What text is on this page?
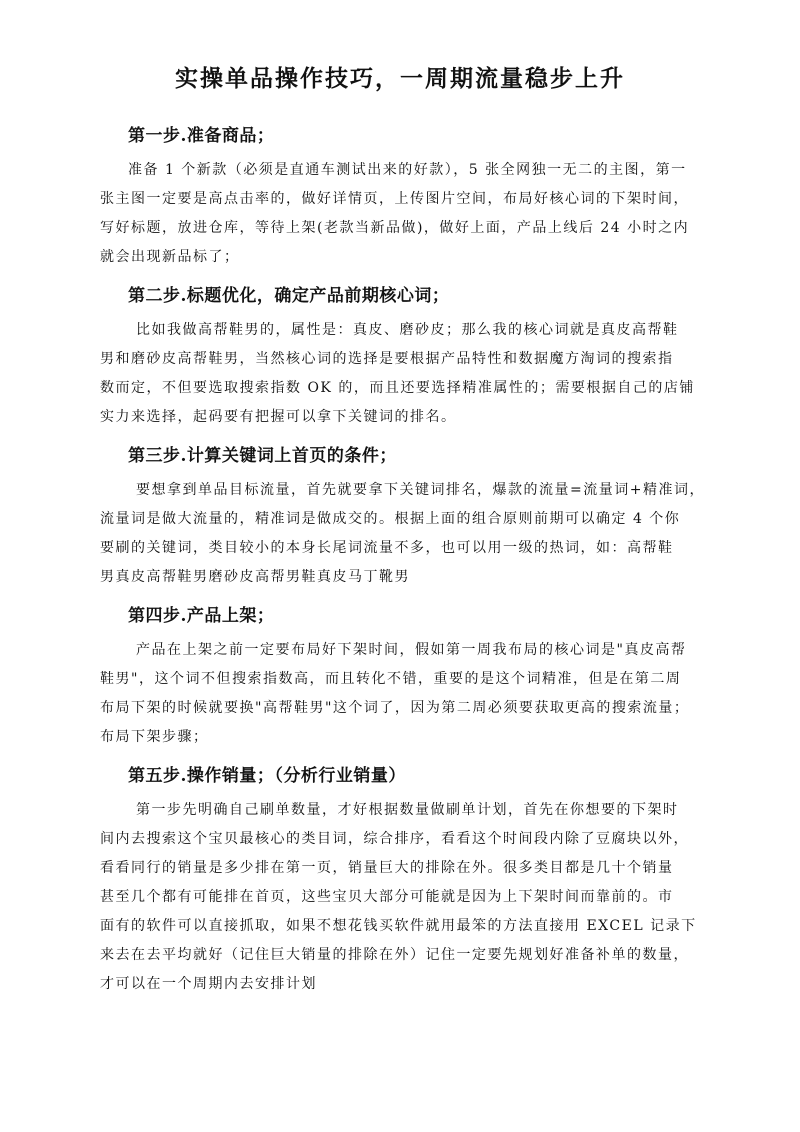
实操单品操作技巧，一周期流量稳步上升
第一步.准备商品；
准备 1 个新款（必须是直通车测试出来的好款），5 张全网独一无二的主图，第一
张主图一定要是高点击率的，做好详情页，上传图片空间，布局好核心词的下架时间，
写好标题，放进仓库，等待上架(老款当新品做)，做好上面，产品上线后 24 小时之内
就会出现新品标了；
第二步.标题优化，确定产品前期核心词；
比如我做高帮鞋男的，属性是：真皮、磨砂皮；那么我的核心词就是真皮高帮鞋
男和磨砂皮高帮鞋男，当然核心词的选择是要根据产品特性和数据魔方淘词的搜索指
数而定，不但要选取搜索指数 OK 的，而且还要选择精准属性的；需要根据自己的店铺
实力来选择，起码要有把握可以拿下关键词的排名。
第三步.计算关键词上首页的条件；
要想拿到单品目标流量，首先就要拿下关键词排名，爆款的流量=流量词+精准词，
流量词是做大流量的，精准词是做成交的。根据上面的组合原则前期可以确定 4 个你
要刷的关键词，类目较小的本身长尾词流量不多，也可以用一级的热词，如：高帮鞋
男真皮高帮鞋男磨砂皮高帮男鞋真皮马丁靴男
第四步.产品上架；
产品在上架之前一定要布局好下架时间，假如第一周我布局的核心词是"真皮高帮
鞋男"，这个词不但搜索指数高，而且转化不错，重要的是这个词精准，但是在第二周
布局下架的时候就要换"高帮鞋男"这个词了，因为第二周必须要获取更高的搜索流量；
布局下架步骤；
第五步.操作销量；（分析行业销量）
第一步先明确自己刷单数量，才好根据数量做刷单计划，首先在你想要的下架时
间内去搜索这个宝贝最核心的类目词，综合排序，看看这个时间段内除了豆腐块以外，
看看同行的销量是多少排在第一页，销量巨大的排除在外。很多类目都是几十个销量
甚至几个都有可能排在首页，这些宝贝大部分可能就是因为上下架时间而靠前的。市
面有的软件可以直接抓取，如果不想花钱买软件就用最笨的方法直接用 EXCEL 记录下
来去在去平均就好（记住巨大销量的排除在外）记住一定要先规划好准备补单的数量，
才可以在一个周期内去安排计划
